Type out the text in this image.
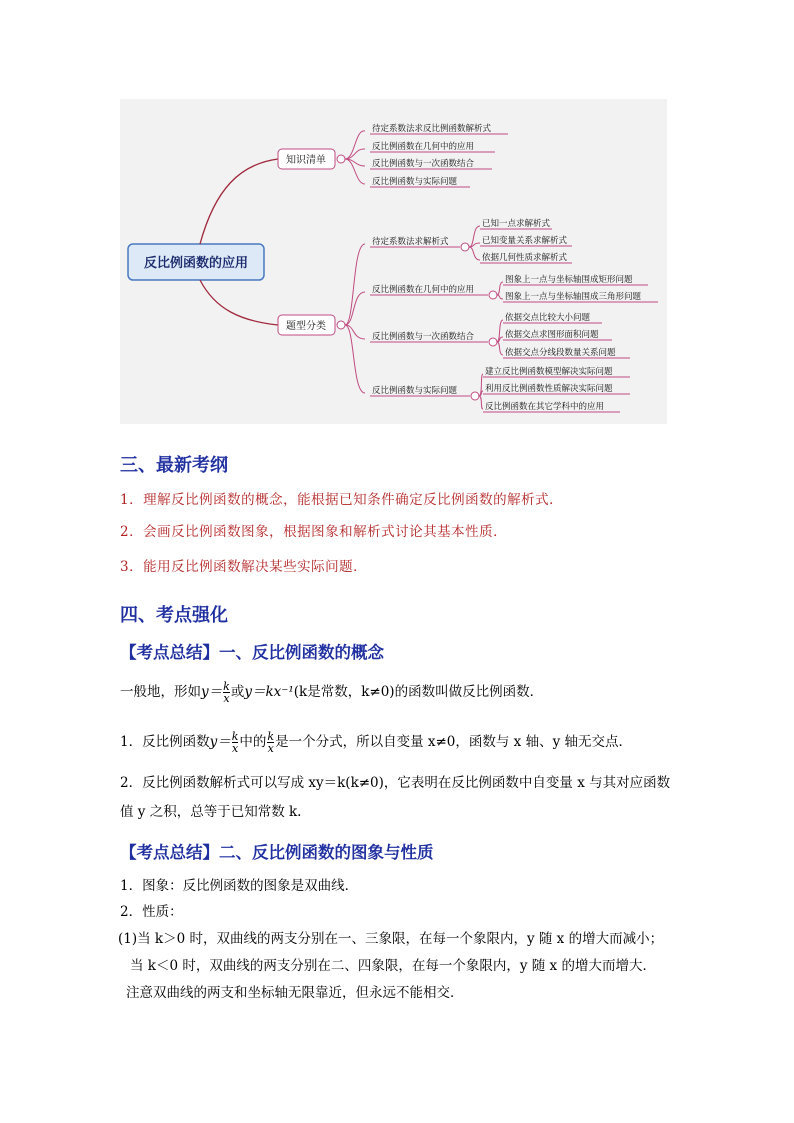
反比例函数的应用
知识清单
待定系数法求反比例函数解析式
反比例函数在几何中的应用
反比例函数与一次函数结合
反比例函数与实际问题
题型分类
待定系数法求解析式
已知一点求解析式
已知变量关系求解析式
依据几何性质求解析式
反比例函数在几何中的应用
图象上一点与坐标轴围成矩形问题
图象上一点与坐标轴围成三角形问题
反比例函数与一次函数结合
依据交点比较大小问题
依据交点求图形面积问题
依据交点分线段数量关系问题
反比例函数与实际问题
建立反比例函数模型解决实际问题
利用反比例函数性质解决实际问题
反比例函数在其它学科中的应用
三、最新考纲
1．理解反比例函数的概念，能根据已知条件确定反比例函数的解析式．
2．会画反比例函数图象，根据图象和解析式讨论其基本性质．
3．能用反比例函数解决某些实际问题．
四、考点强化
【考点总结】一、反比例函数的概念
一般地，形如$y= \frac{k}{x}$ 或y＝kx⁻¹(k是常数，k≠0)的函数叫做反比例函数．
1．反比例函数$y= \frac{k}{x}$ 中的 $\frac{k}{x}$ 是一个分式，所以自变量 x≠0，函数与 x 轴、y 轴无交点．
2．反比例函数解析式可以写成 xy＝k(k≠0)，它表明在反比例函数中自变量 x 与其对应函数
值 y 之积，总等于已知常数 k.
【考点总结】二、反比例函数的图象与性质
1．图象：反比例函数的图象是双曲线．
2．性质：
(1)当 k＞0 时，双曲线的两支分别在一、三象限，在每一个象限内，y 随 x 的增大而减小；
当 k＜0 时，双曲线的两支分别在二、四象限，在每一个象限内，y 随 x 的增大而增大．
注意双曲线的两支和坐标轴无限靠近，但永远不能相交．
